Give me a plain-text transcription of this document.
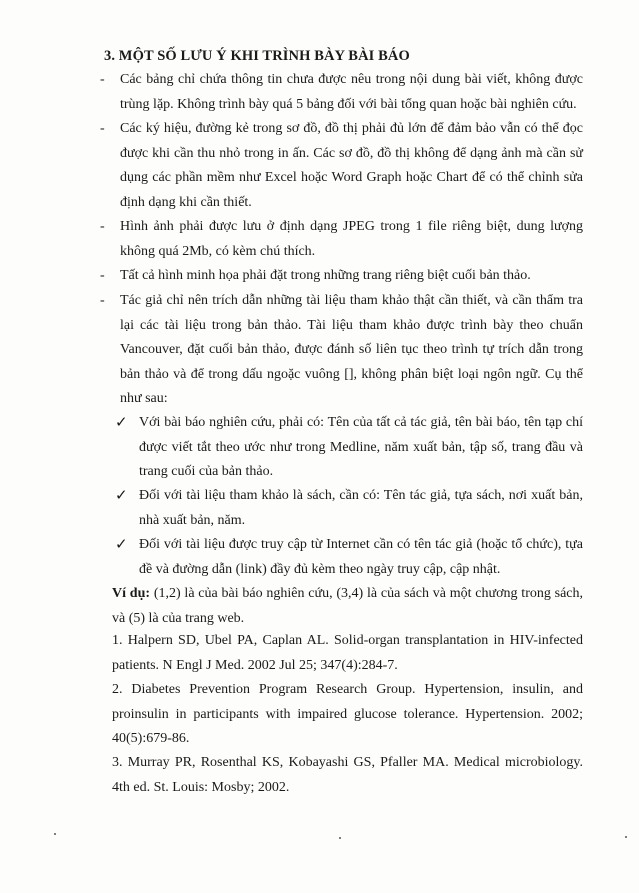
3. MỘT SỐ LƯU Ý KHI TRÌNH BÀY BÀI BÁO
- Các bảng chỉ chứa thông tin chưa được nêu trong nội dung bài viết, không được trùng lặp. Không trình bày quá 5 bảng đối với bài tổng quan hoặc bài nghiên cứu.
- Các ký hiệu, đường kẻ trong sơ đồ, đồ thị phải đủ lớn để đảm bảo vẫn có thể đọc được khi cần thu nhỏ trong in ấn. Các sơ đồ, đồ thị không để dạng ảnh mà cần sử dụng các phần mềm như Excel hoặc Word Graph hoặc Chart để có thể chỉnh sửa định dạng khi cần thiết.
- Hình ảnh phải được lưu ở định dạng JPEG trong 1 file riêng biệt, dung lượng không quá 2Mb, có kèm chú thích.
- Tất cả hình minh họa phải đặt trong những trang riêng biệt cuối bản thảo.
- Tác giả chỉ nên trích dẫn những tài liệu tham khảo thật cần thiết, và cần thẩm tra lại các tài liệu trong bản thảo. Tài liệu tham khảo được trình bày theo chuẩn Vancouver, đặt cuối bản thảo, được đánh số liên tục theo trình tự trích dẫn trong bản thảo và để trong dấu ngoặc vuông [], không phân biệt loại ngôn ngữ. Cụ thể như sau:
✓ Với bài báo nghiên cứu, phải có: Tên của tất cả tác giả, tên bài báo, tên tạp chí được viết tắt theo ước như trong Medline, năm xuất bản, tập số, trang đầu và trang cuối của bản thảo.
✓ Đối với tài liệu tham khảo là sách, cần có: Tên tác giả, tựa sách, nơi xuất bản, nhà xuất bản, năm.
✓ Đối với tài liệu được truy cập từ Internet cần có tên tác giả (hoặc tổ chức), tựa đề và đường dẫn (link) đầy đủ kèm theo ngày truy cập, cập nhật.
Ví dụ: (1,2) là của bài báo nghiên cứu, (3,4) là của sách và một chương trong sách, và (5) là của trang web.
1. Halpern SD, Ubel PA, Caplan AL. Solid-organ transplantation in HIV-infected patients. N Engl J Med. 2002 Jul 25; 347(4):284-7.
2. Diabetes Prevention Program Research Group. Hypertension, insulin, and proinsulin in participants with impaired glucose tolerance. Hypertension. 2002; 40(5):679-86.
3. Murray PR, Rosenthal KS, Kobayashi GS, Pfaller MA. Medical microbiology. 4th ed. St. Louis: Mosby; 2002.
